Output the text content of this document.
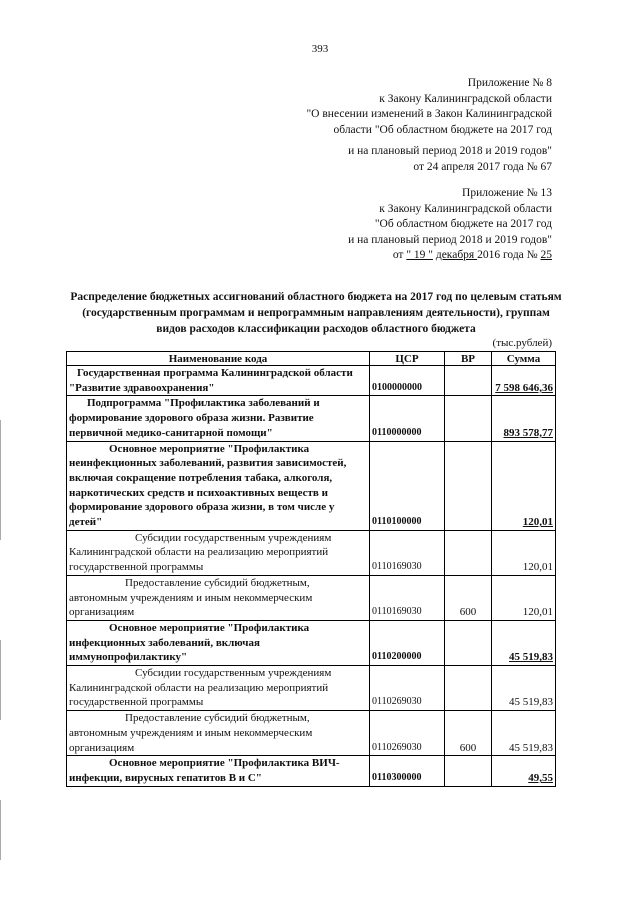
393
Приложение № 8
к Закону Калининградской области
"О внесении изменений в Закон Калининградской
области "Об областном бюджете на 2017 год
и на плановый период 2018 и 2019 годов"
от 24 апреля 2017 года № 67
Приложение № 13
к Закону Калининградской области
"Об областном бюджете на 2017 год
и на плановый период 2018 и 2019 годов"
от " 19 " декабря 2016 года № 25
Распределение бюджетных ассигнований областного бюджета на 2017 год по целевым статьям (государственным программам и непрограммным направлениям деятельности), группам видов расходов классификации расходов областного бюджета
(тыс.рублей)
Наименование кода	ЦСР	ВР	Сумма
Государственная программа Калининградской области "Развитие здравоохранения"	0100000000		7 598 646,36
Подпрограмма "Профилактика заболеваний и формирование здорового образа жизни. Развитие первичной медико-санитарной помощи"	0110000000		893 578,77
Основное мероприятие "Профилактика неинфекционных заболеваний, развития зависимостей, включая сокращение потребления табака, алкоголя, наркотических средств и психоактивных веществ и формирование здорового образа жизни, в том числе у детей"	0110100000		120,01
Субсидии государственным учреждениям Калининградской области на реализацию мероприятий государственной программы	0110169030		120,01
Предоставление субсидий бюджетным, автономным учреждениям и иным некоммерческим организациям	0110169030	600	120,01
Основное мероприятие "Профилактика инфекционных заболеваний, включая иммунопрофилактику"	0110200000		45 519,83
Субсидии государственным учреждениям Калининградской области на реализацию мероприятий государственной программы	0110269030		45 519,83
Предоставление субсидий бюджетным, автономным учреждениям и иным некоммерческим организациям	0110269030	600	45 519,83
Основное мероприятие "Профилактика ВИЧ-инфекции, вирусных гепатитов В и С"	0110300000		49,55
